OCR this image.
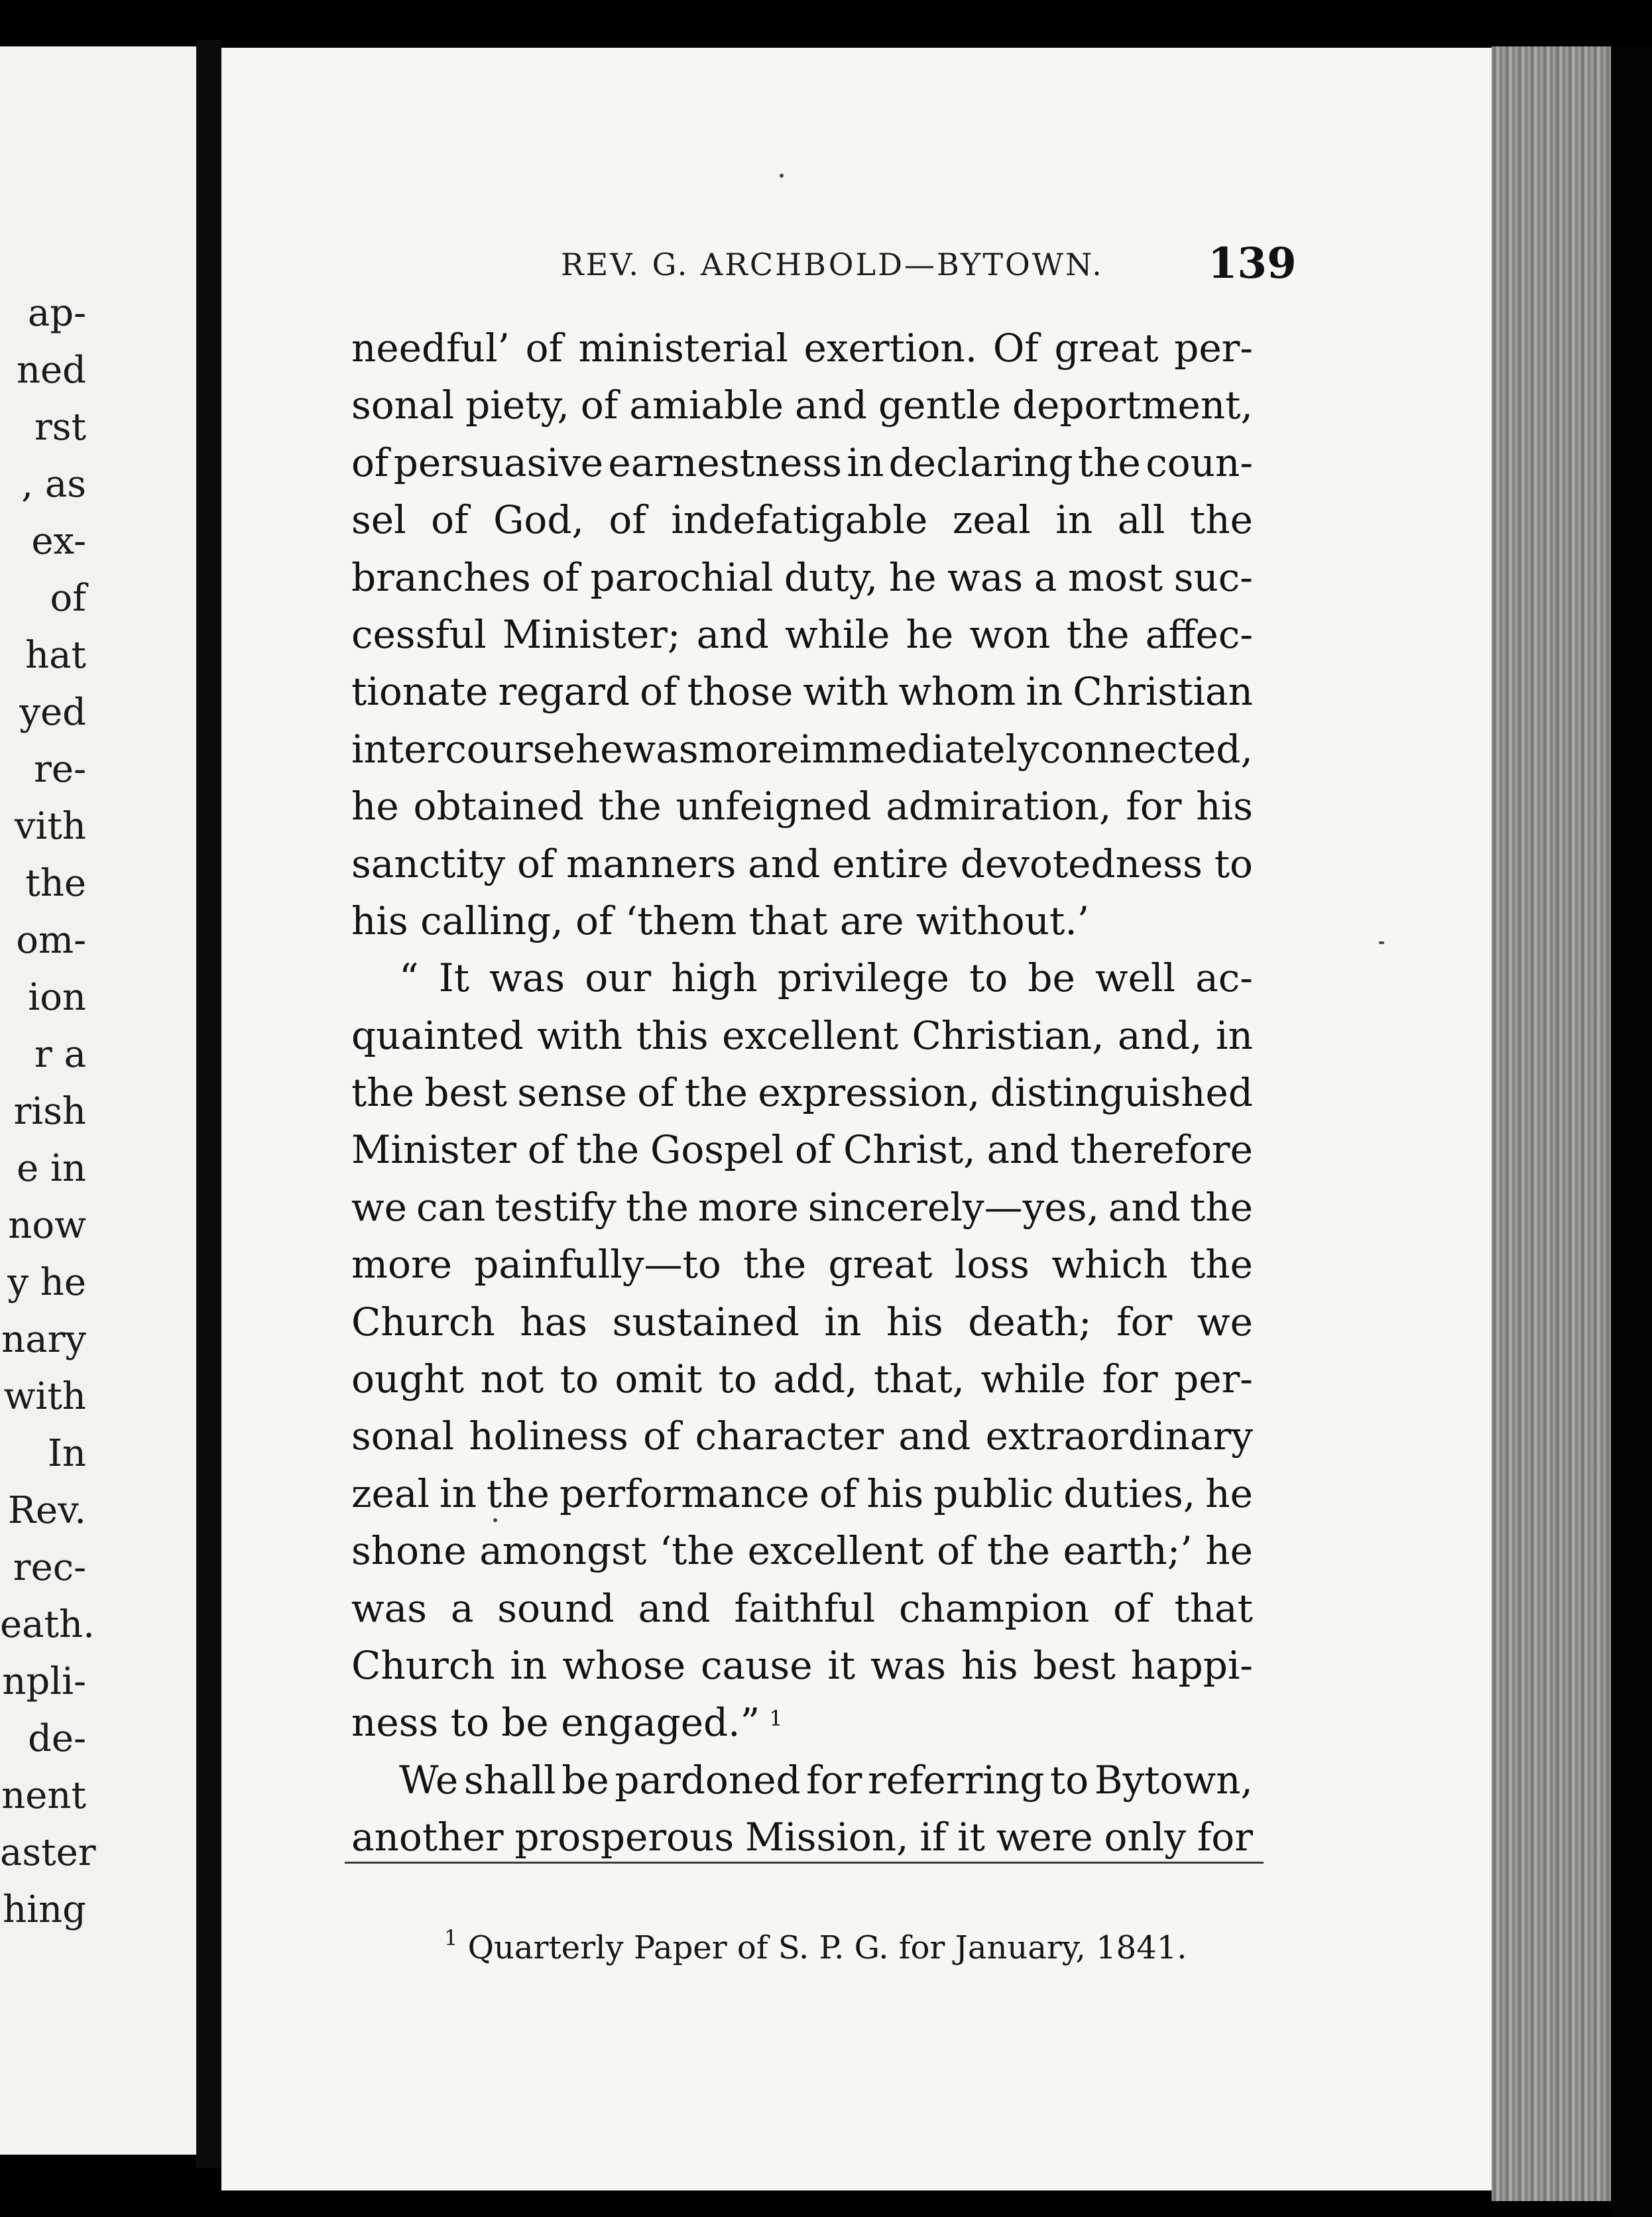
ap-
ned
rst
, as
ex-
of
hat
yed
re-
vith
the
om-
ion
r a
rish
e in
now
y he
nary
with
In
Rev.
rec-
eath.
npli-
de-
nent
aster
hing
REV. G. ARCHBOLD—BYTOWN. 139
needful’ of ministerial exertion. Of great per-
sonal piety, of amiable and gentle deportment,
of persuasive earnestness in declaring the coun-
sel of God, of indefatigable zeal in all the
branches of parochial duty, he was a most suc-
cessful Minister; and while he won the affec-
tionate regard of those with whom in Christian
intercourse he was more immediately connected,
he obtained the unfeigned admiration, for his
sanctity of manners and entire devotedness to
his calling, of ‘them that are without.’
“ It was our high privilege to be well ac-
quainted with this excellent Christian, and, in
the best sense of the expression, distinguished
Minister of the Gospel of Christ, and therefore
we can testify the more sincerely—yes, and the
more painfully—to the great loss which the
Church has sustained in his death; for we
ought not to omit to add, that, while for per-
sonal holiness of character and extraordinary
zeal in the performance of his public duties, he
shone amongst ‘the excellent of the earth;’ he
was a sound and faithful champion of that
Church in whose cause it was his best happi-
ness to be engaged.” $^1$
We shall be pardoned for referring to Bytown,
another prosperous Mission, if it were only for
$^1$ Quarterly Paper of S. P. G. for January, 1841.
